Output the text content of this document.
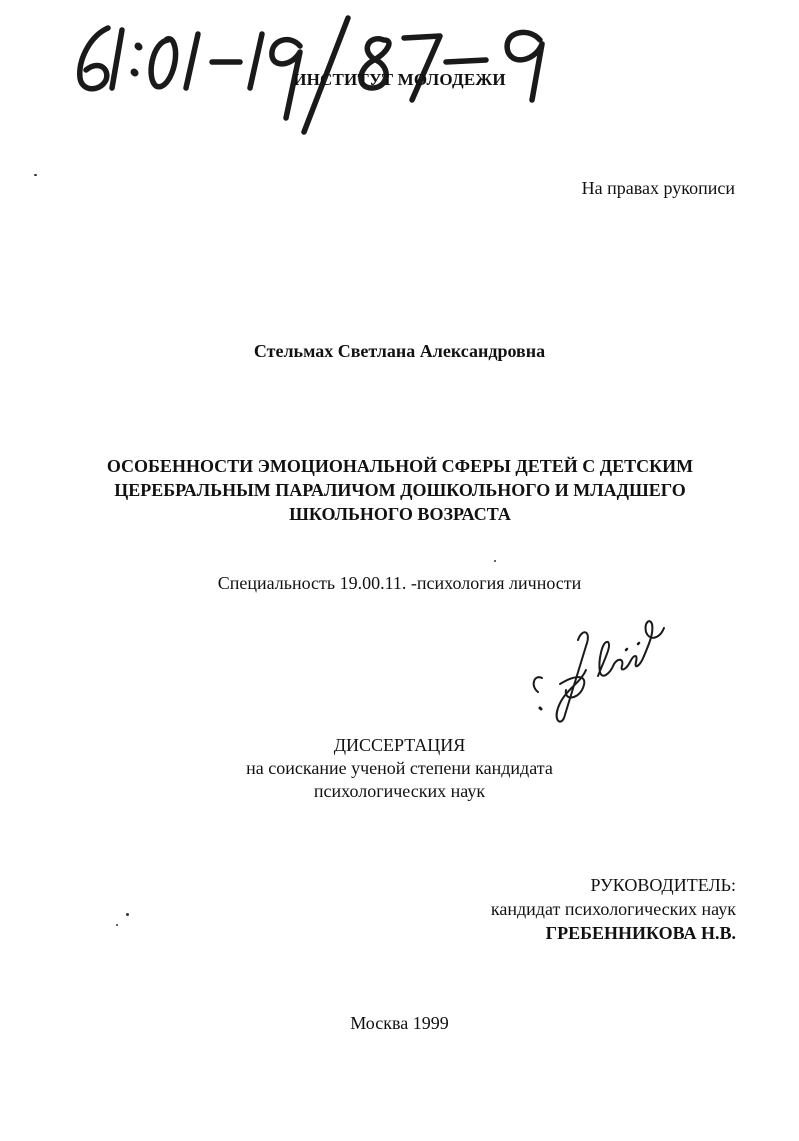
ИНСТИТУТ МОЛОДЕЖИ
На правах рукописи
Стельмах Светлана Александровна
ОСОБЕННОСТИ ЭМОЦИОНАЛЬНОЙ СФЕРЫ ДЕТЕЙ С ДЕТСКИМ
ЦЕРЕБРАЛЬНЫМ ПАРАЛИЧОМ ДОШКОЛЬНОГО И МЛАДШЕГО
ШКОЛЬНОГО ВОЗРАСТА
Специальность 19.00.11. -психология личности
ДИССЕРТАЦИЯ
на соискание ученой степени кандидата
психологических наук
РУКОВОДИТЕЛЬ:
кандидат психологических наук
ГРЕБЕННИКОВА Н.В.
Москва 1999
